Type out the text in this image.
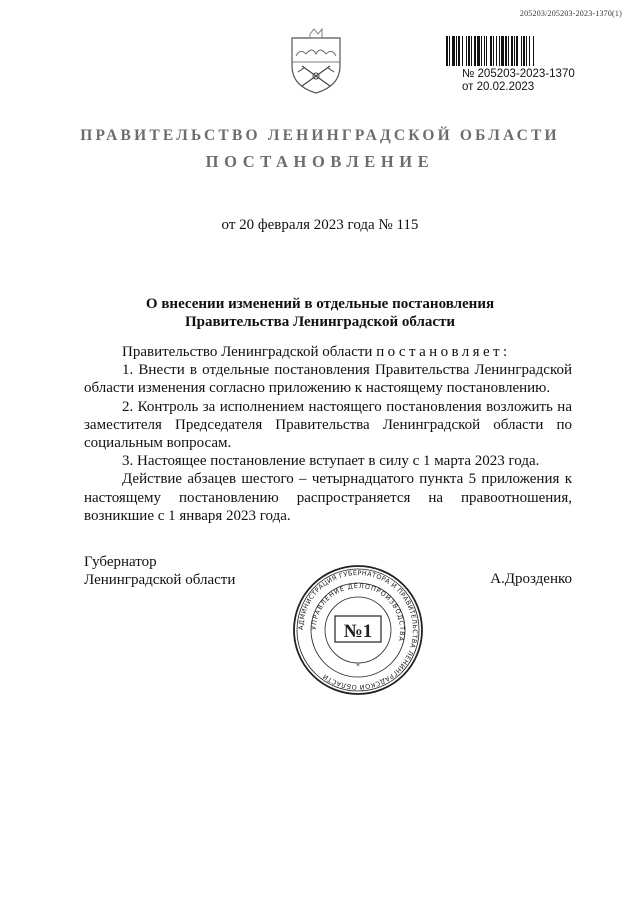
205203/205203-2023-1370(1)
№ 205203-2023-1370
от 20.02.2023
ПРАВИТЕЛЬСТВО ЛЕНИНГРАДСКОЙ ОБЛАСТИ
ПОСТАНОВЛЕНИЕ
от 20 февраля 2023 года № 115
О внесении изменений в отдельные постановления
Правительства Ленинградской области

Правительство Ленинградской области постановляет:

1. Внести в отдельные постановления Правительства Ленинградской области изменения согласно приложению к настоящему постановлению.

2. Контроль за исполнением настоящего постановления возложить на заместителя Председателя Правительства Ленинградской области по социальным вопросам.

3. Настоящее постановление вступает в силу с 1 марта 2023 года.

Действие абзацев шестого – четырнадцатого пункта 5 приложения к настоящему постановлению распространяется на правоотношения, возникшие с 1 января 2023 года.

Губернатор
Ленинградской области	А.Дрозденко
АДМИНИСТРАЦИЯ ГУБЕРНАТОРА И ПРАВИТЕЛЬСТВА ЛЕНИНГРАДСКОЙ ОБЛАСТИ
УПРАВЛЕНИЕ ДЕЛОПРОИЗВОДСТВА
№1
*
